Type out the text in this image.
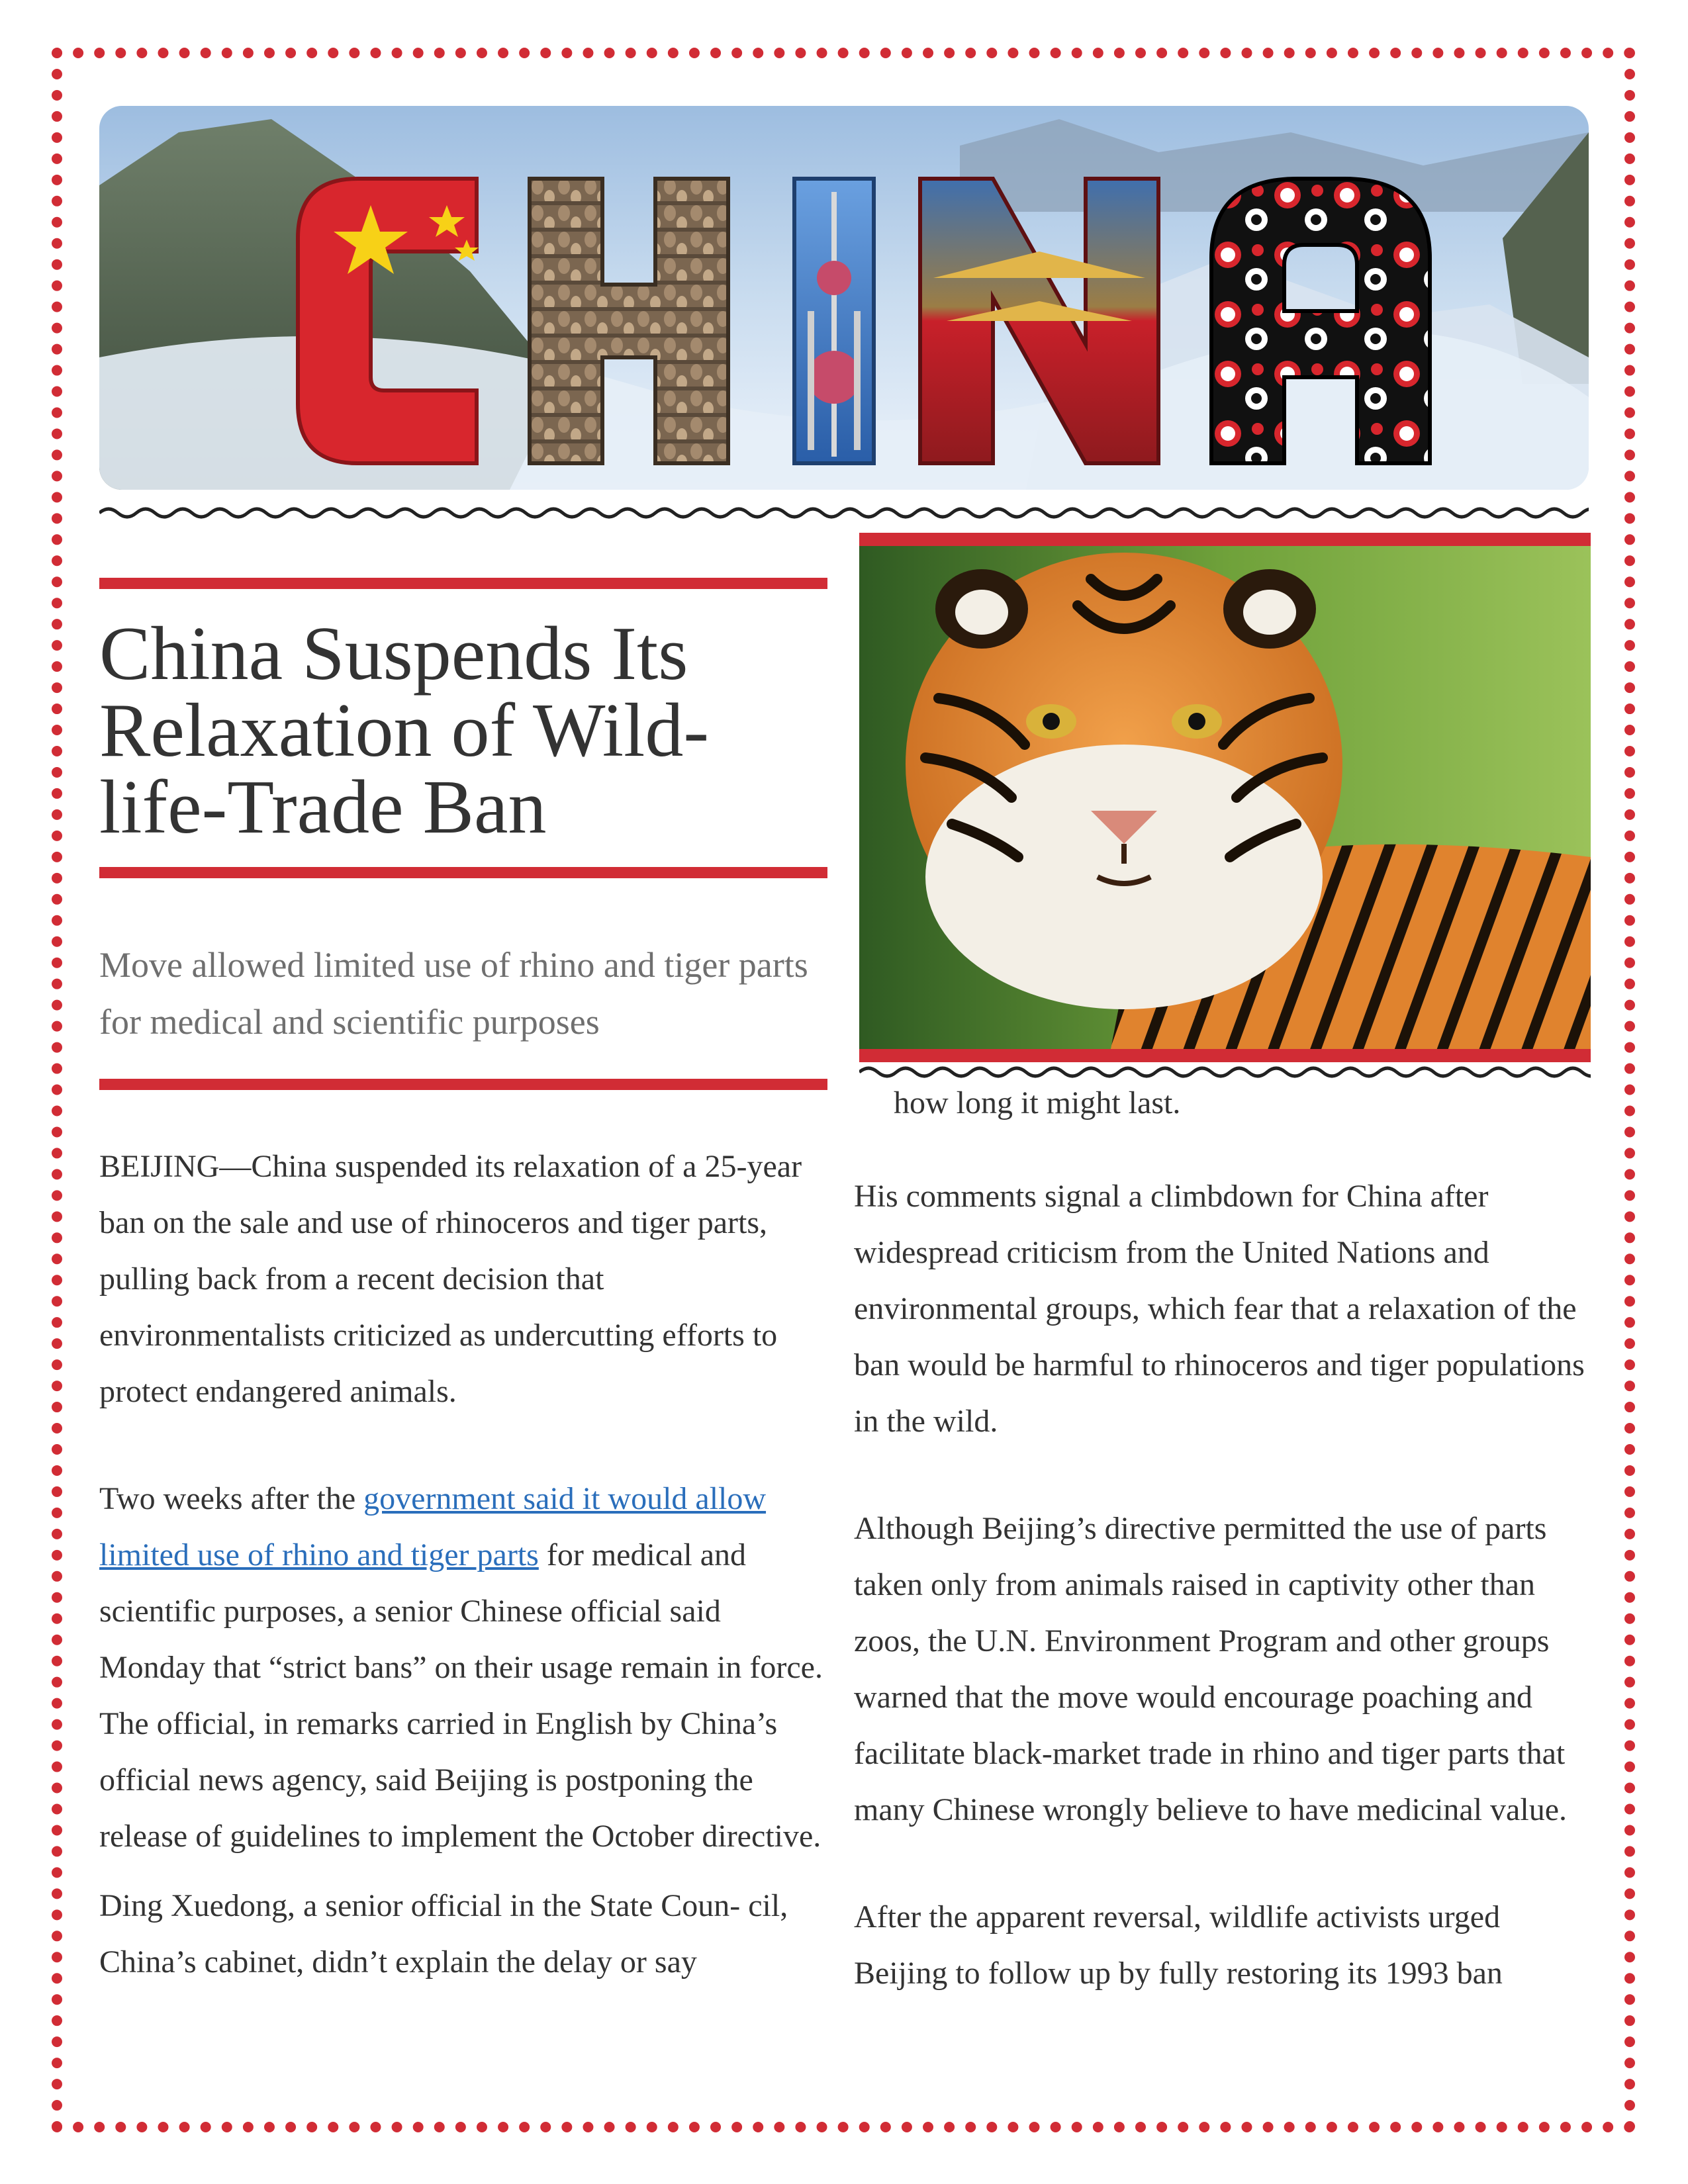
China Suspends Its
Relaxation of Wild-
life-Trade Ban

Move allowed limited use of rhino and tiger parts for medical and scientific purposes

BEIJING—China suspended its relaxation of a 25-year ban on the sale and use of rhinoceros and tiger parts, pulling back from a recent decision that environmentalists criticized as undercutting efforts to protect endangered animals.

Two weeks after the government said it would allow limited use of rhino and tiger parts for medical and scientific purposes, a senior Chinese official said Monday that “strict bans” on their usage remain in force. The official, in remarks carried in English by China’s official news agency, said Beijing is postponing the release of guidelines to implement the October directive.

Ding Xuedong, a senior official in the State Coun- cil, China’s cabinet, didn’t explain the delay or say

how long it might last.

His comments signal a climbdown for China after widespread criticism from the United Nations and environmental groups, which fear that a relaxation of the ban would be harmful to rhinoceros and tiger populations in the wild.

Although Beijing’s directive permitted the use of parts taken only from animals raised in captivity other than zoos, the U.N. Environment Program and other groups warned that the move would encourage poaching and facilitate black-market trade in rhino and tiger parts that many Chinese wrongly believe to have medicinal value.

After the apparent reversal, wildlife activists urged Beijing to follow up by fully restoring its 1993 ban
